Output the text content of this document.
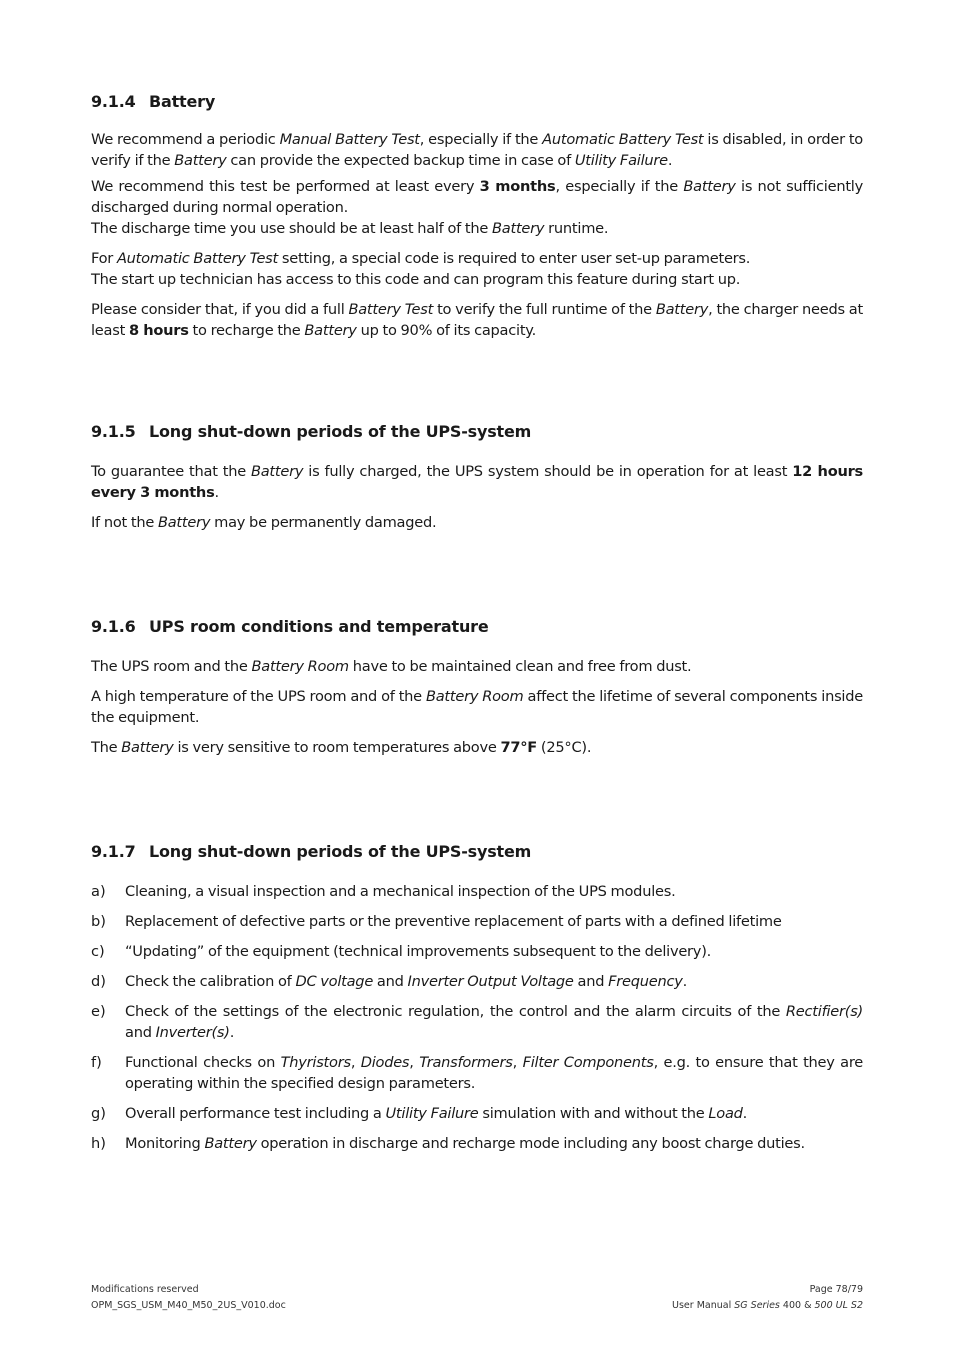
9.1.4 Battery

We recommend a periodic Manual Battery Test, especially if the Automatic Battery Test is disabled, in order to verify if the Battery can provide the expected backup time in case of Utility Failure.

We recommend this test be performed at least every 3 months, especially if the Battery is not sufficiently discharged during normal operation.
The discharge time you use should be at least half of the Battery runtime.

For Automatic Battery Test setting, a special code is required to enter user set-up parameters.
The start up technician has access to this code and can program this feature during start up.

Please consider that, if you did a full Battery Test to verify the full runtime of the Battery, the charger needs at least 8 hours to recharge the Battery up to 90% of its capacity.

9.1.5 Long shut-down periods of the UPS-system

To guarantee that the Battery is fully charged, the UPS system should be in operation for at least 12 hours every 3 months.

If not the Battery may be permanently damaged.

9.1.6 UPS room conditions and temperature

The UPS room and the Battery Room have to be maintained clean and free from dust.

A high temperature of the UPS room and of the Battery Room affect the lifetime of several components inside the equipment.

The Battery is very sensitive to room temperatures above 77°F (25°C).

9.1.7 Long shut-down periods of the UPS-system
a) Cleaning, a visual inspection and a mechanical inspection of the UPS modules.
b) Replacement of defective parts or the preventive replacement of parts with a defined lifetime
c) “Updating” of the equipment (technical improvements subsequent to the delivery).
d) Check the calibration of DC voltage and Inverter Output Voltage and Frequency.
e) Check of the settings of the electronic regulation, the control and the alarm circuits of the Rectifier(s) and Inverter(s).
f) Functional checks on Thyristors, Diodes, Transformers, Filter Components, e.g. to ensure that they are operating within the specified design parameters.
g) Overall performance test including a Utility Failure simulation with and without the Load.
h) Monitoring Battery operation in discharge and recharge mode including any boost charge duties.
Modifications reserved
OPM_SGS_USM_M40_M50_2US_V010.doc
Page 78/79
User Manual SG Series 400 & 500 UL S2
